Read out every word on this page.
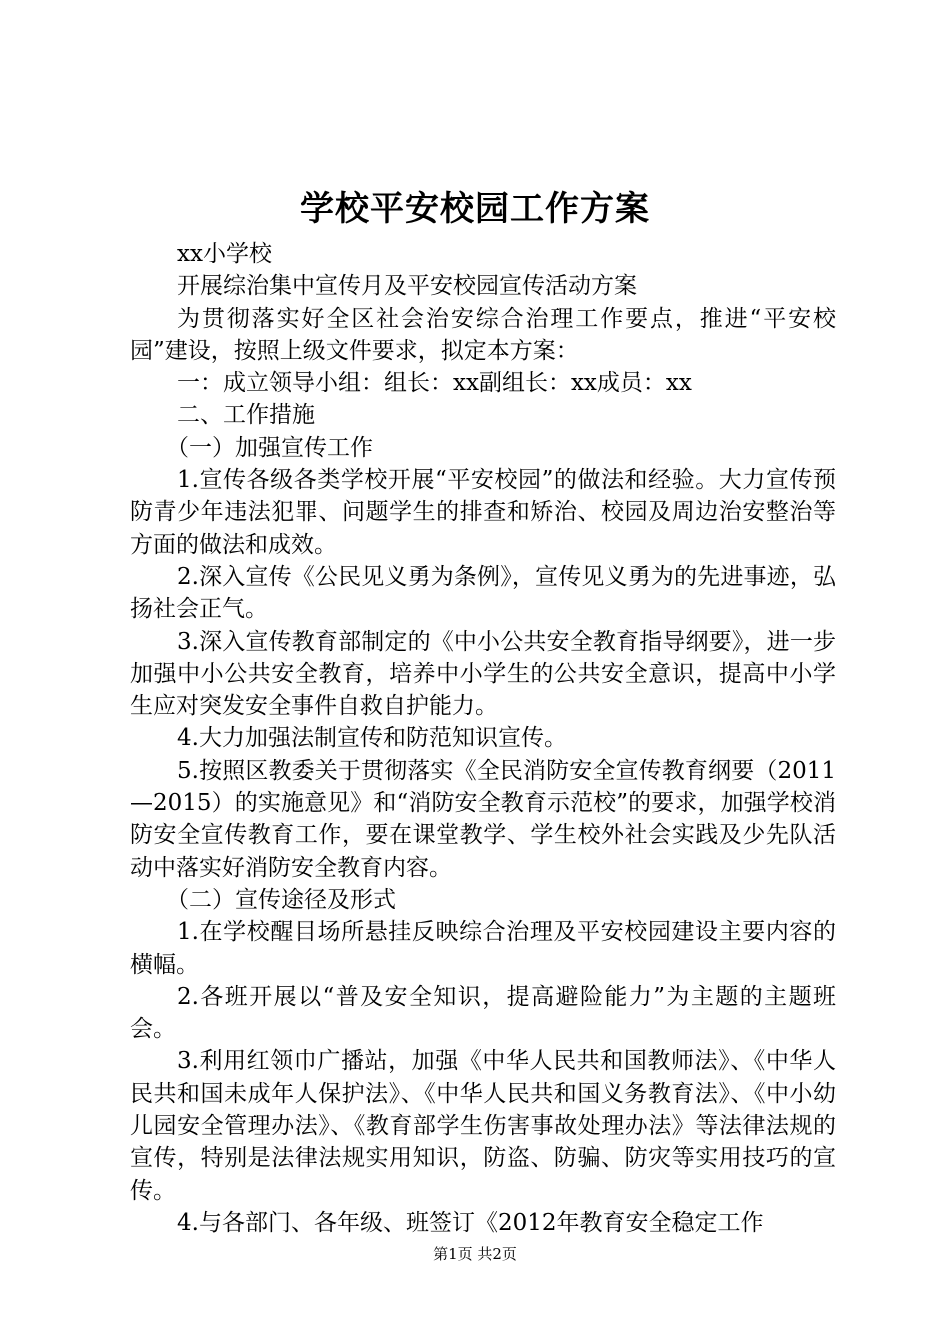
学校平安校园工作方案

xx小学校

开展综治集中宣传月及平安校园宣传活动方案

为贯彻落实好全区社会治安综合治理工作要点，推进“平安校园”建设，按照上级文件要求，拟定本方案：

一：成立领导小组：组长：xx副组长：xx成员：xx

二、工作措施

（一）加强宣传工作

1.宣传各级各类学校开展“平安校园”的做法和经验。大力宣传预防青少年违法犯罪、问题学生的排查和矫治、校园及周边治安整治等方面的做法和成效。

2.深入宣传《公民见义勇为条例》，宣传见义勇为的先进事迹，弘扬社会正气。

3.深入宣传教育部制定的《中小公共安全教育指导纲要》，进一步加强中小公共安全教育，培养中小学生的公共安全意识，提高中小学生应对突发安全事件自救自护能力。

4.大力加强法制宣传和防范知识宣传。

5.按照区教委关于贯彻落实《全民消防安全宣传教育纲要（2011—2015）的实施意见》和“消防安全教育示范校”的要求，加强学校消防安全宣传教育工作，要在课堂教学、学生校外社会实践及少先队活动中落实好消防安全教育内容。

（二）宣传途径及形式

1.在学校醒目场所悬挂反映综合治理及平安校园建设主要内容的横幅。

2.各班开展以“普及安全知识，提高避险能力”为主题的主题班会。

3.利用红领巾广播站，加强《中华人民共和国教师法》、《中华人民共和国未成年人保护法》、《中华人民共和国义务教育法》、《中小幼儿园安全管理办法》、《教育部学生伤害事故处理办法》等法律法规的宣传，特别是法律法规实用知识，防盗、防骗、防灾等实用技巧的宣传。

4.与各部门、各年级、班签订《2012年教育安全稳定工作

第1页 共2页
